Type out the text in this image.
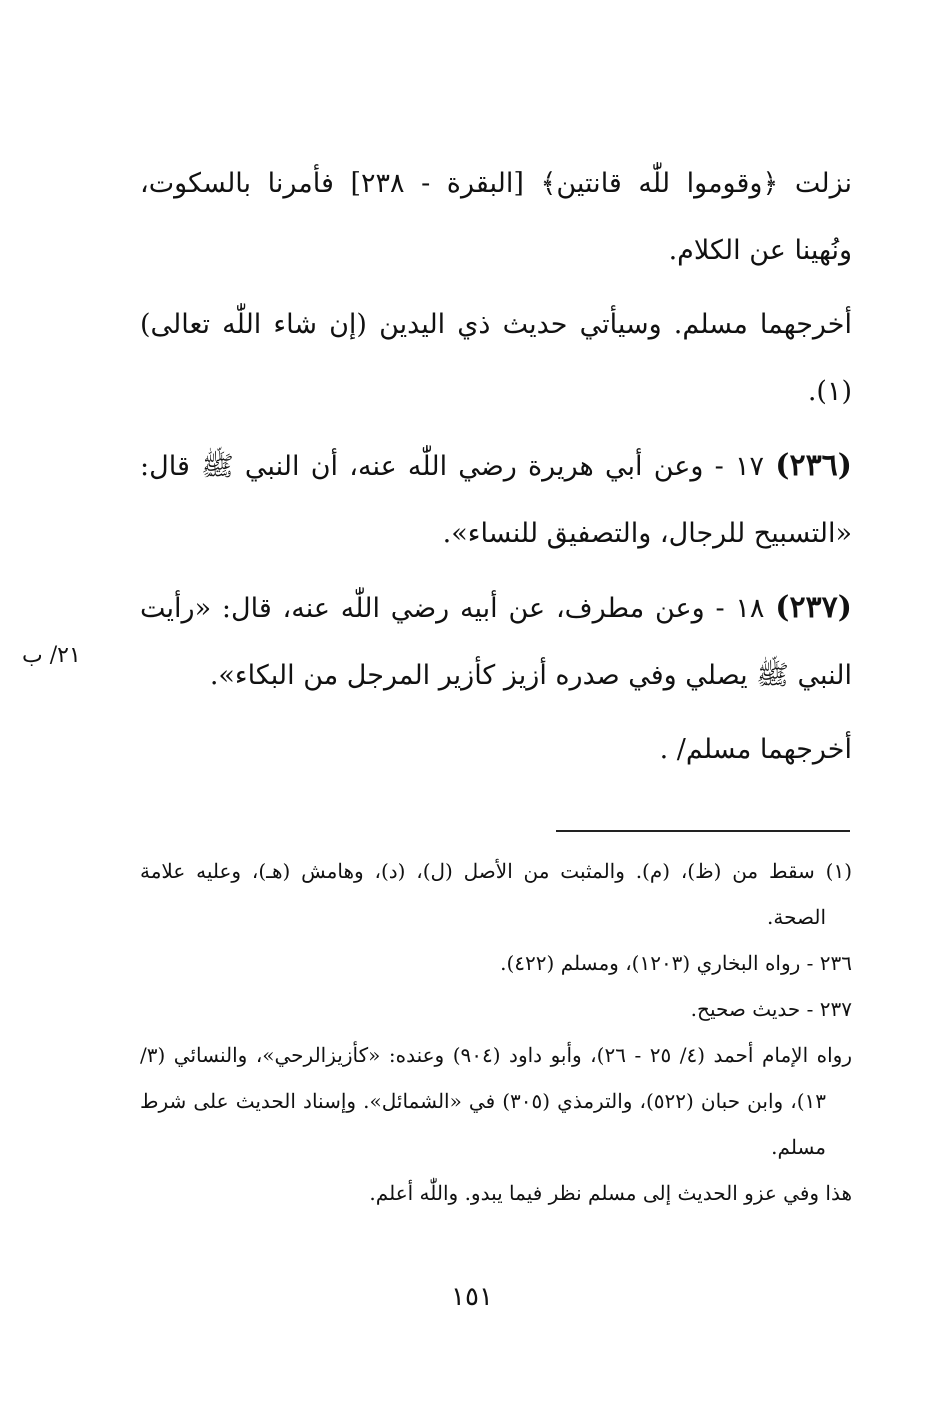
نزلت ﴿وقوموا للّٰه قانتين﴾ [البقرة - ٢٣٨] فأمرنا بالسكوت، ونُهينا عن الكلام.

أخرجهما مسلم. وسيأتي حديث ذي اليدين (إن شاء اللّٰه تعالى)(١).

(٢٣٦) ١٧ - وعن أبي هريرة رضي اللّٰه عنه، أن النبي ﷺ قال: «التسبيح للرجال، والتصفيق للنساء».

(٢٣٧) ١٨ - وعن مطرف، عن أبيه رضي اللّٰه عنه، قال: «رأيت النبي ﷺ يصلي وفي صدره أزيز كأزير المرجل من البكاء».

أخرجهما مسلم/ .

٢١/ ب

(١) سقط من (ظ)، (م). والمثبت من الأصل (ل)، (د)، وهامش (هـ)، وعليه علامة الصحة.

٢٣٦ - رواه البخاري (١٢٠٣)، ومسلم (٤٢٢).

٢٣٧ - حديث صحيح.

رواه الإمام أحمد (٤/ ٢٥ - ٢٦)، وأبو داود (٩٠٤) وعنده: «كأزيزالرحي»، والنسائي (٣/ ١٣)، وابن حبان (٥٢٢)، والترمذي (٣٠٥) في «الشمائل». وإسناد الحديث على شرط مسلم.

هذا وفي عزو الحديث إلى مسلم نظر فيما يبدو. واللّٰه أعلم.

١٥١
